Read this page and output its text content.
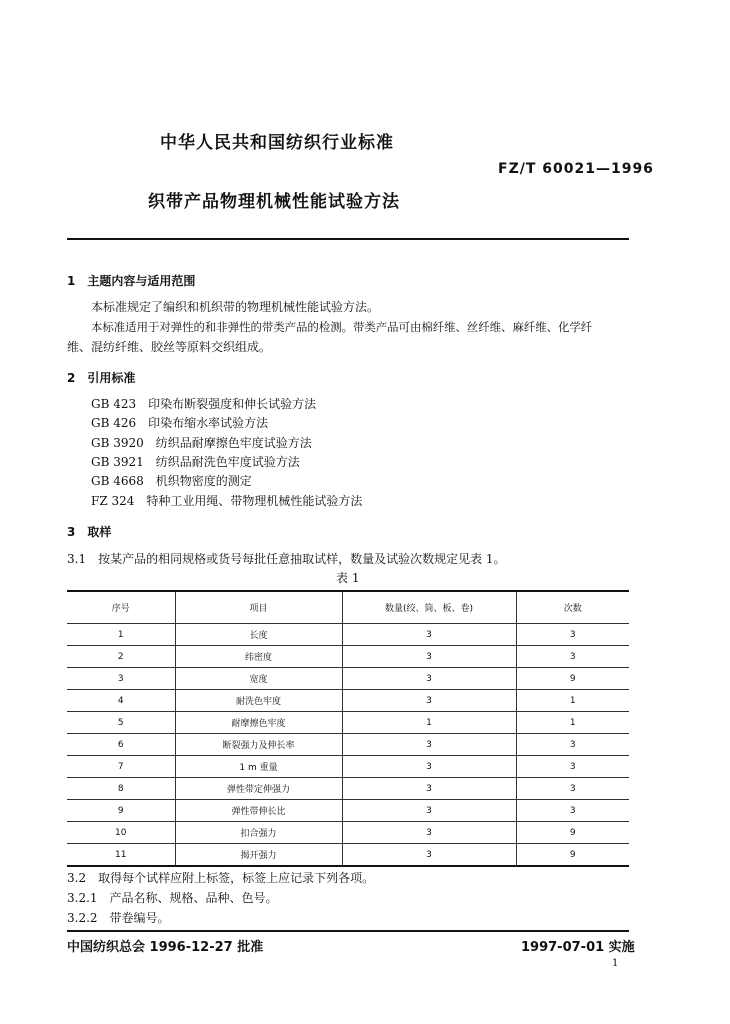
中华人民共和国纺织行业标准
FZ/T 60021—1996
织带产品物理机械性能试验方法
1　主题内容与适用范围
本标准规定了编织和机织带的物理机械性能试验方法。
本标准适用于对弹性的和非弹性的带类产品的检测。带类产品可由棉纤维、丝纤维、麻纤维、化学纤
维、混纺纤维、胶丝等原料交织组成。
2　引用标准
GB 423　印染布断裂强度和伸长试验方法
GB 426　印染布缩水率试验方法
GB 3920　纺织品耐摩擦色牢度试验方法
GB 3921　纺织品耐洗色牢度试验方法
GB 4668　机织物密度的测定
FZ 324　特种工业用绳、带物理机械性能试验方法
3　取样
3.1　按某产品的相同规格或货号每批任意抽取试样，数量及试验次数规定见表 1。
表 1
序号	项目	数量(绞、筒、板、卷)	次数
1	长度	3	3
2	纬密度	3	3
3	宽度	3	9
4	耐洗色牢度	3	1
5	耐摩擦色牢度	1	1
6	断裂强力及伸长率	3	3
7	1 m 重量	3	3
8	弹性带定伸强力	3	3
9	弹性带伸长比	3	3
10	扣合强力	3	9
11	揭开强力	3	9
3.2　取得每个试样应附上标签，标签上应记录下列各项。
3.2.1　产品名称、规格、品种、色号。
3.2.2　带卷编号。
中国纺织总会 1996-12-27 批准	1997-07-01 实施
1
